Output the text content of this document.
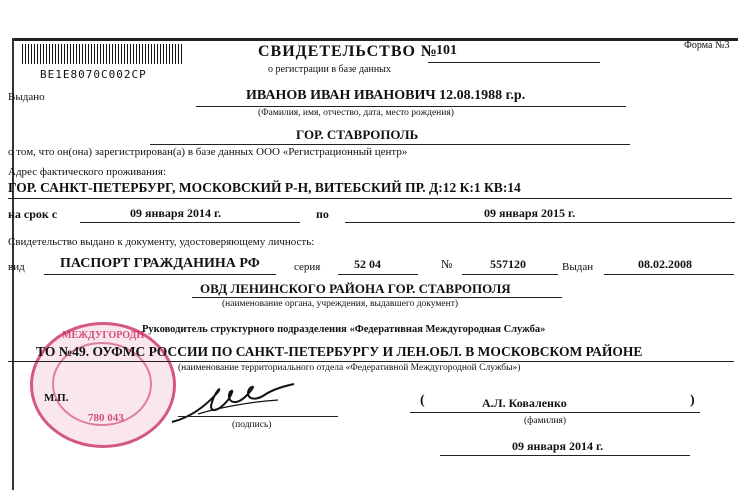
BE1E8070C002CP
СВИДЕТЕЛЬСТВО №
101	Форма №3
о регистрации в базе данных
Выдано	ИВАНОВ ИВАН ИВАНОВИЧ 12.08.1988 г.р.
(Фамилия, имя, отчество, дата, место рождения)
ГОР. СТАВРОПОЛЬ
о том, что он(она) зарегистрирован(а) в базе данных ООО «Регистрационный центр»
Адрес фактического проживания:
ГОР. САНКТ-ПЕТЕРБУРГ, МОСКОВСКИЙ Р-Н, ВИТЕБСКИЙ ПР. Д:12 К:1 КВ:14
на срок с	09 января 2014 г.	по	09 января 2015 г.
Свидетельство выдано к документу, удостоверяющему личность:
вид	ПАСПОРТ ГРАЖДАНИНА РФ	серия	52 04	№	557120	Выдан	08.02.2008
ОВД ЛЕНИНСКОГО РАЙОНА ГОР. СТАВРОПОЛЯ
(наименование органа, учреждения, выдавшего документ)
МЕЖДУГОРОДН
780 043
Руководитель структурного подразделения «Федеративная Междугородная Служба»
ТО №49. ОУФМС РОССИИ ПО САНКТ-ПЕТЕРБУРГУ И ЛЕН.ОБЛ. В МОСКОВСКОМ РАЙОНЕ
(наименование территориального отдела «Федеративной Междугородной Службы»)
М.П.
(подпись)
(	А.Л. Коваленко	)
(фамилия)
09 января 2014 г.
